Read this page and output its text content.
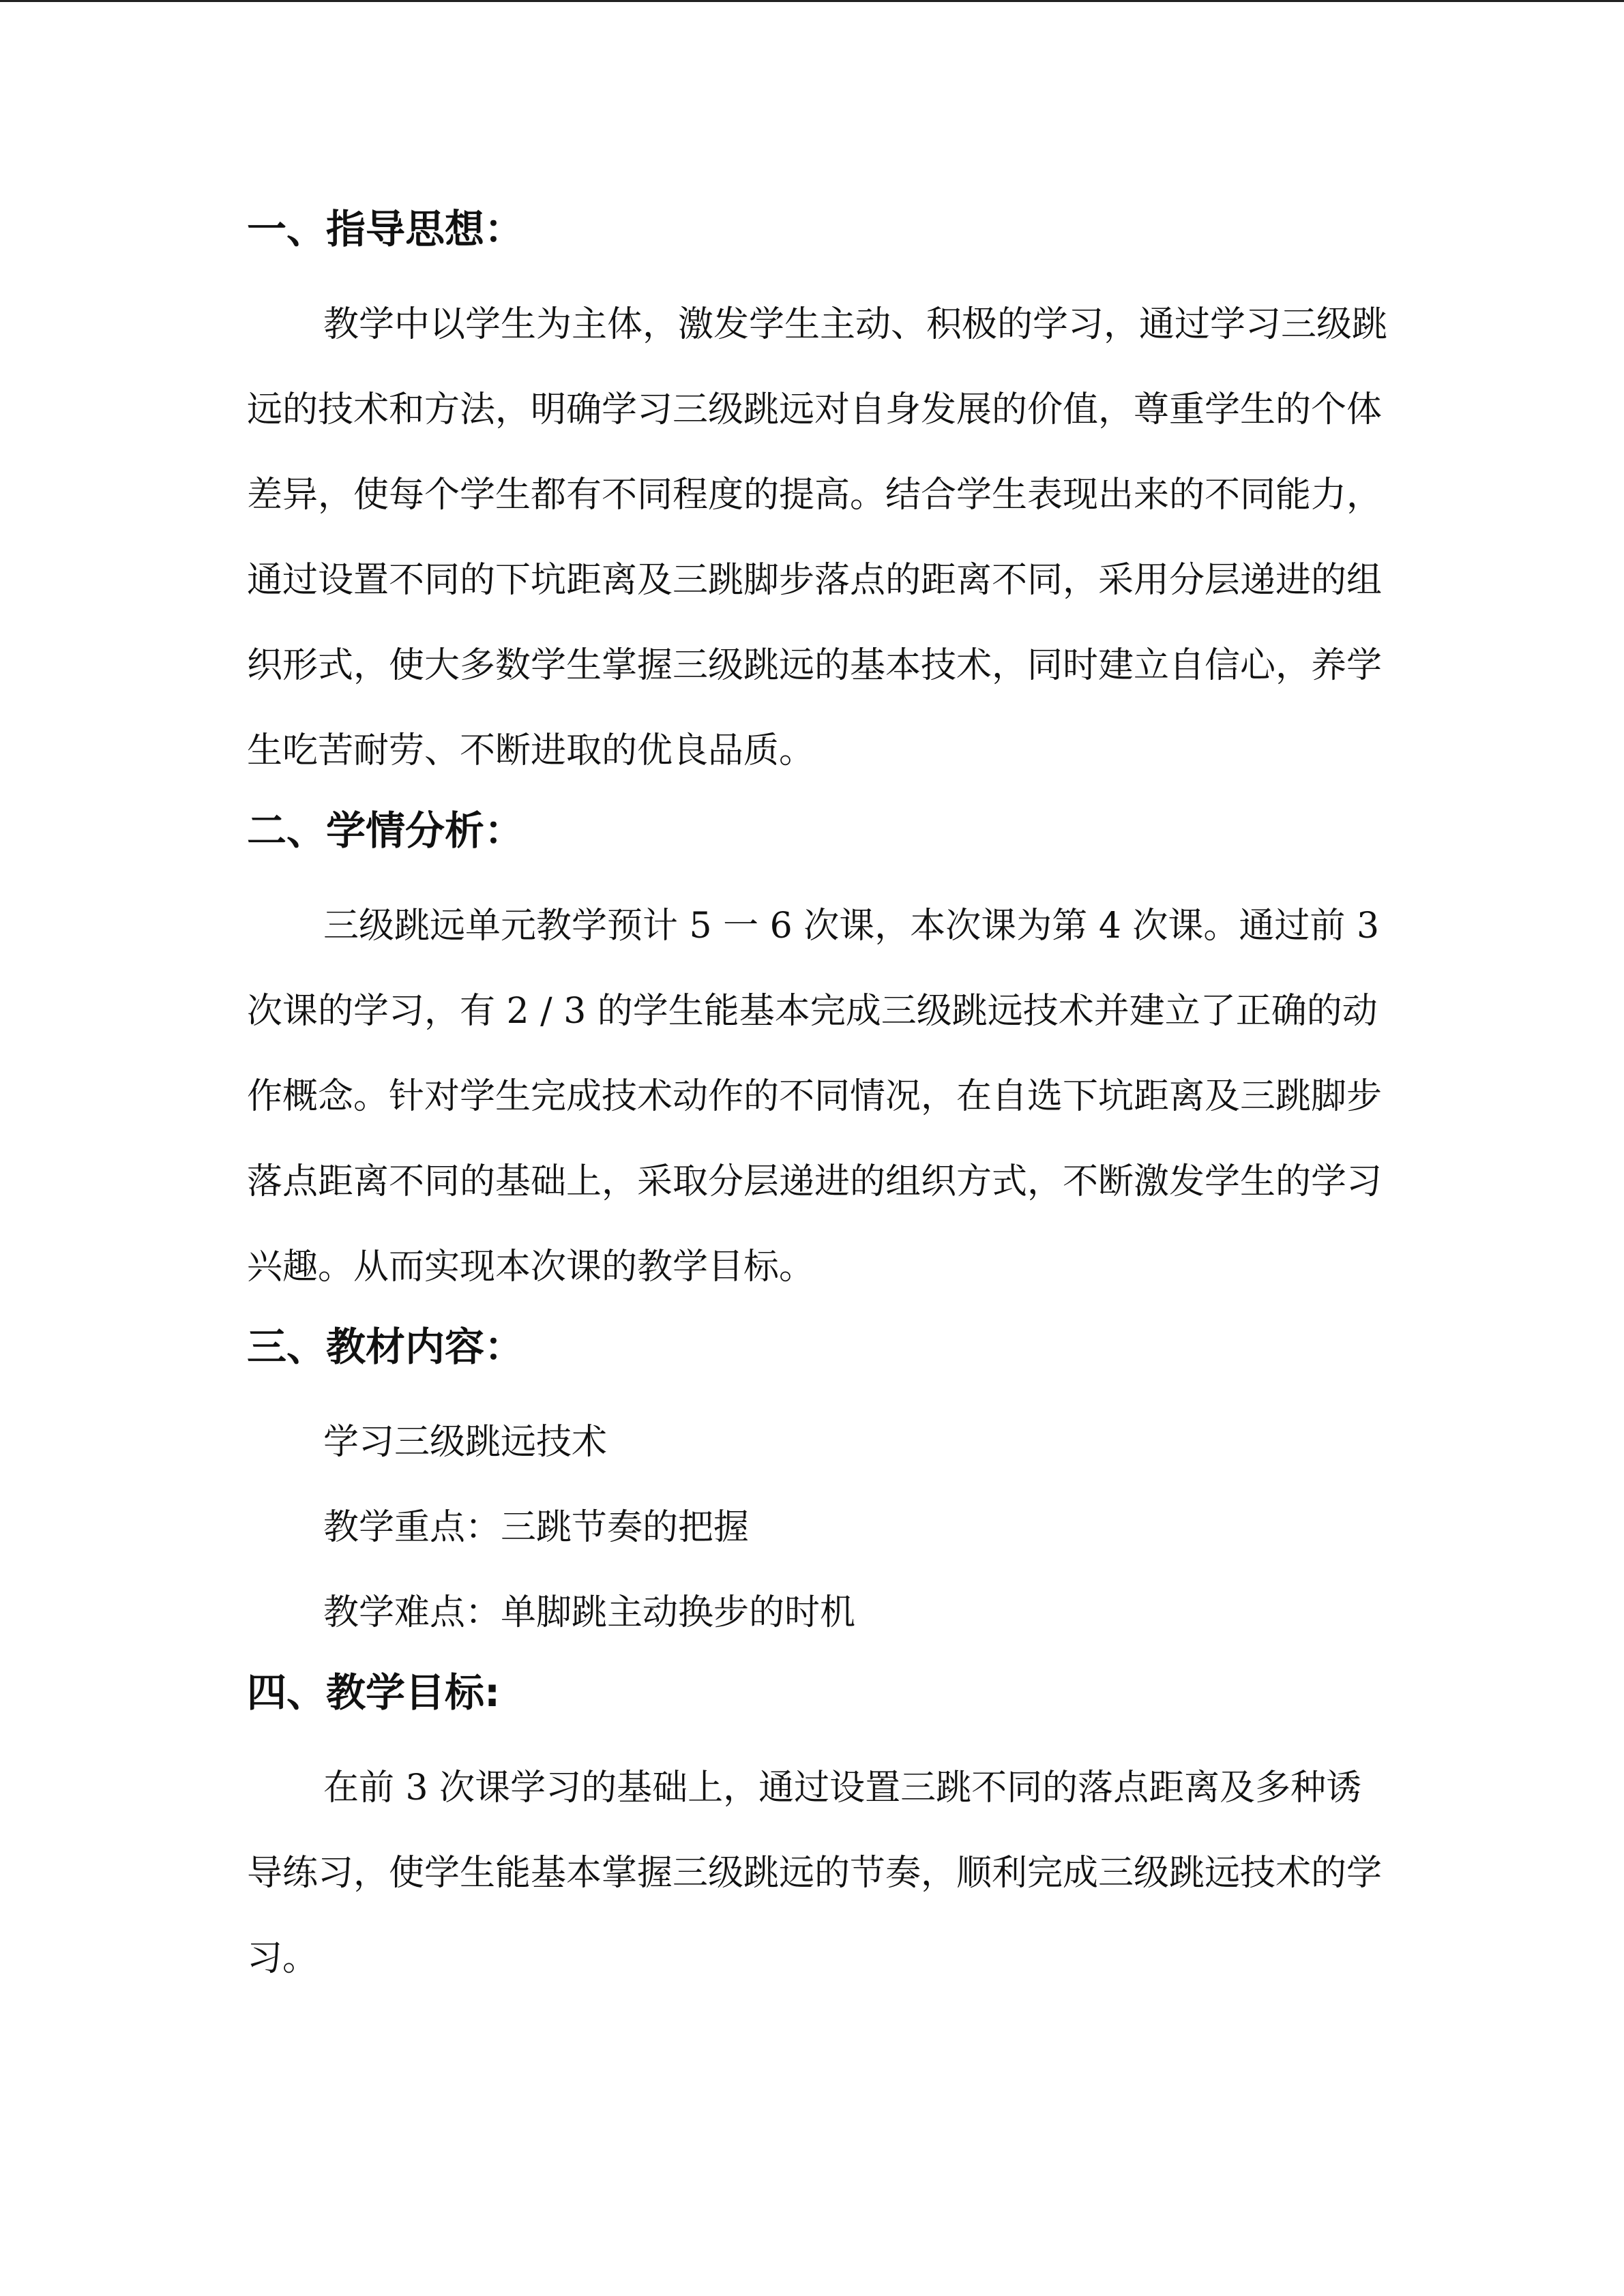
一、指导思想：

教学中以学生为主体，激发学生主动、积极的学习，通过学习三级跳远的技术和方法，明确学习三级跳远对自身发展的价值，尊重学生的个体差异，使每个学生都有不同程度的提高。结合学生表现出来的不同能力，通过设置不同的下坑距离及三跳脚步落点的距离不同，采用分层递进的组织形式，使大多数学生掌握三级跳远的基本技术，同时建立自信心，养学生吃苦耐劳、不断进取的优良品质。

二、学情分析：

三级跳远单元教学预计 5 一 6 次课，本次课为第 4 次课。通过前 3 次课的学习，有 2 / 3 的学生能基本完成三级跳远技术并建立了正确的动作概念。针对学生完成技术动作的不同情况，在自选下坑距离及三跳脚步落点距离不同的基础上，采取分层递进的组织方式，不断激发学生的学习兴趣。从而实现本次课的教学目标。

三、教材内容：

学习三级跳远技术

教学重点：三跳节奏的把握

教学难点：单脚跳主动换步的时机

四、教学目标:

在前 3 次课学习的基础上，通过设置三跳不同的落点距离及多种诱导练习，使学生能基本掌握三级跳远的节奏，顺利完成三级跳远技术的学习。
